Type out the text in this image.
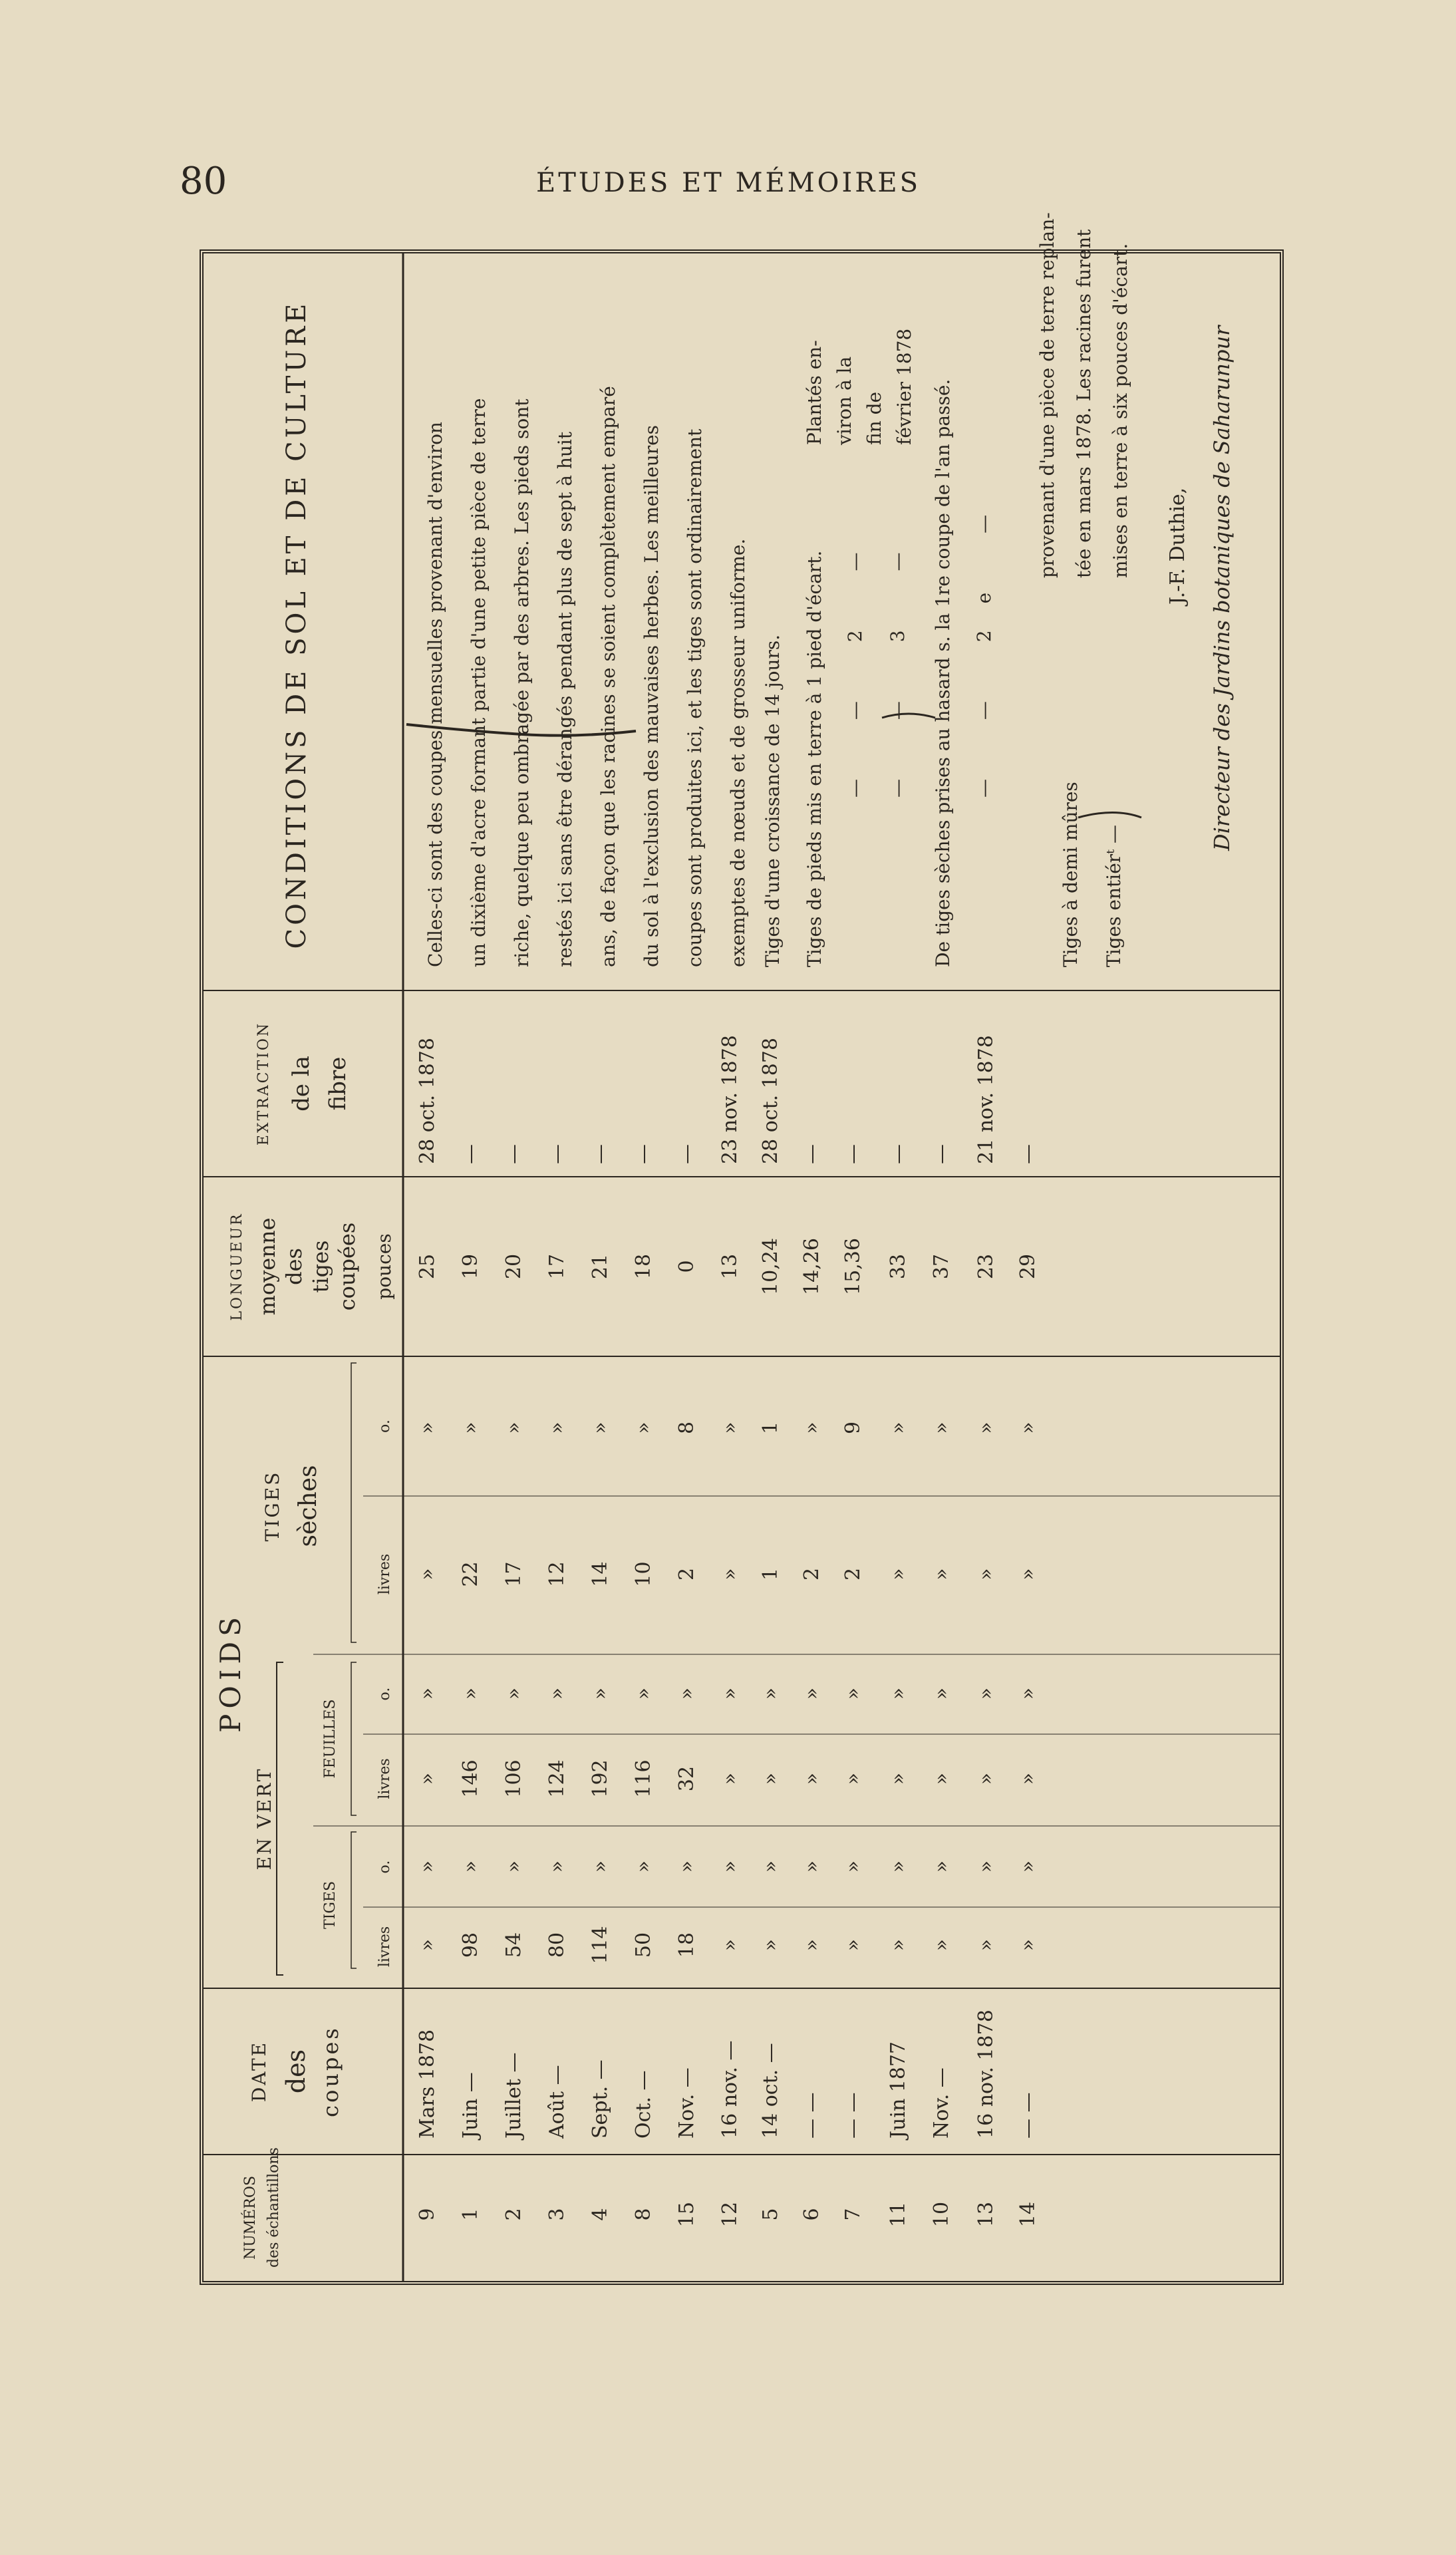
80	ÉTUDES ET MÉMOIRES
NUMÉROS des échantillons
DATE des coupes
POIDS
EN VERT
TIGES
FEUILLES
TIGES sèches
livres
o.
livres
o.
livres
o.
LONGUEUR moyenne des tiges coupées pouces
EXTRACTION de la fibre
CONDITIONS DE SOL ET DE CULTURE
9
Mars 1878
»
»
»
»
»
»
25
28 oct. 1878
1
Juin —
98
»
146
»
22
»
19
—
2
Juillet —
54
»
106
»
17
»
20
—
3
Août —
80
»
124
»
12
»
17
—
4
Sept. —
114
»
192
»
14
»
21
—
8
Oct. —
50
»
116
»
10
»
18
—
15
Nov. —
18
»
32
»
2
8
0
—
12
16 nov. —
»
»
»
»
»
»
13
23 nov. 1878
5
14 oct. —
»
»
»
»
1
1
10,24
28 oct. 1878
6
— —
»
»
»
»
2
»
14,26
—
7
— —
»
»
»
»
2
9
15,36
—
11
Juin 1877
»
»
»
»
»
»
33
—
10
Nov. —
»
»
»
»
»
»
37
—
13
16 nov. 1878
»
»
»
»
»
»
23
21 nov. 1878
14
— —
»
»
»
»
»
»
29
—
Celles-ci sont des coupes mensuelles provenant d'environ un dixième d'acre formant partie d'une petite pièce de terre riche, quelque peu ombragée par des arbres. Les pieds sont restés ici sans être dérangés pendant plus de sept à huit ans, de façon que les racines se soient complètement emparé du sol à l'exclusion des mauvaises herbes. Les meilleures coupes sont produites ici, et les tiges sont ordinairement exemptes de nœuds et de grosseur uniforme. Tiges d'une croissance de 14 jours. Tiges de pieds mis en terre à 1 pied d'écart. — — 2 — — — 3 —
Plantés en- viron à la fin de février 1878 De tiges sèches prises au hasard s. la 1re coupe de l'an passé. — — 2e —
Tiges à demi mûres Tiges entiérᵗ —
provenant d'une pièce de terre replan- tée en mars 1878. Les racines furent mises en terre à six pouces d'écart. J.-F. Duthie, Directeur des Jardins botaniques de Saharunpur
